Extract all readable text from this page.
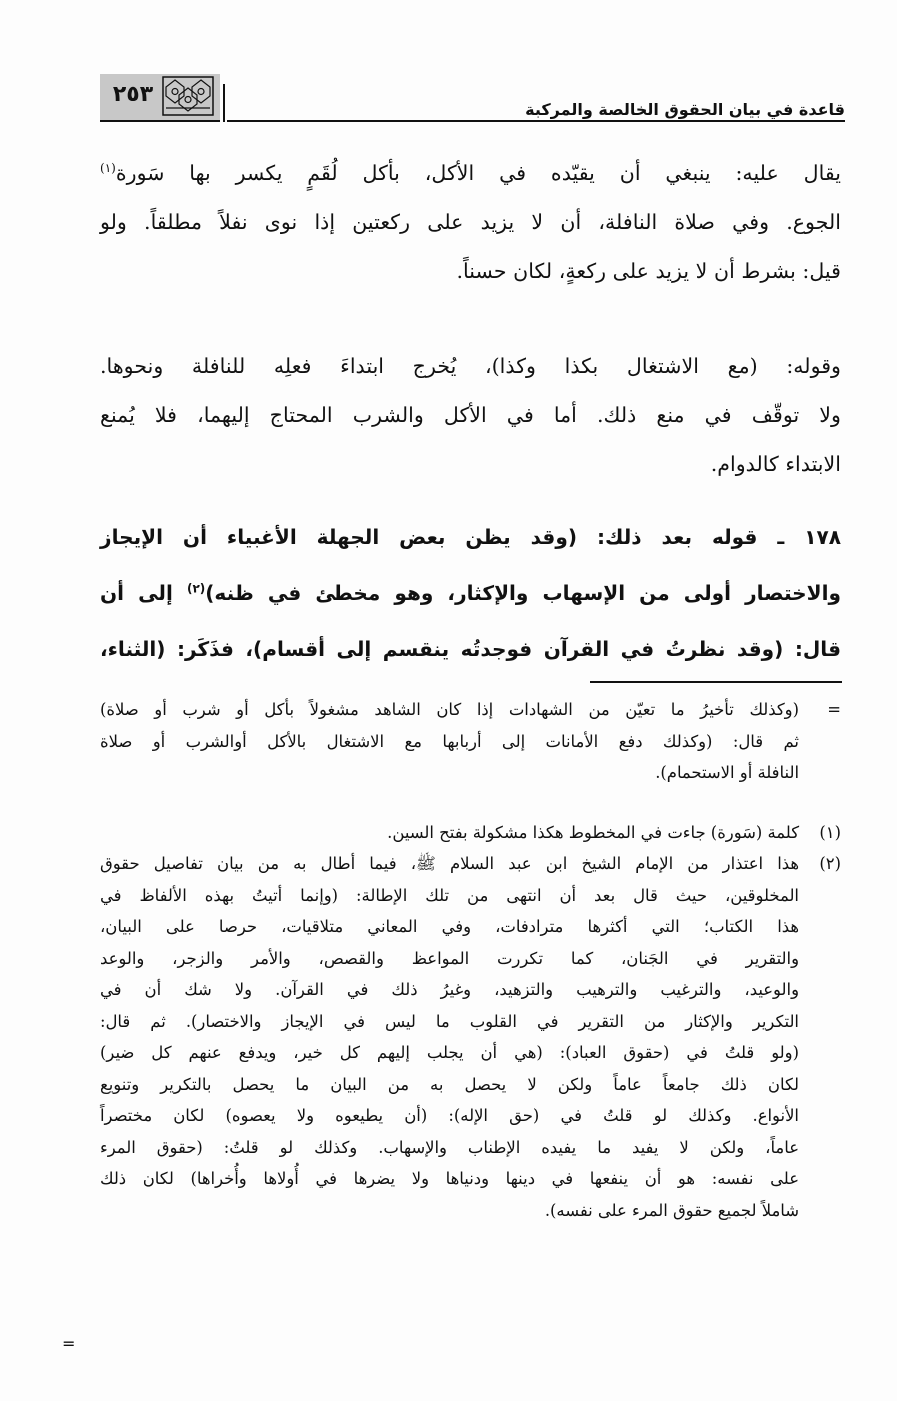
قاعدة في بيان الحقوق الخالصة والمركبة
٢٥٣
يقال عليه: ينبغي أن يقيّده في الأكل، بأكل لُقَمٍ يكسر بها سَورة$^{(١)}$
الجوع. وفي صلاة النافلة، أن لا يزيد على ركعتين إذا نوى نفلاً مطلقاً. ولو
قيل: بشرط أن لا يزيد على ركعةٍ، لكان حسناً.
وقوله: (مع الاشتغال بكذا وكذا)، يُخرج ابتداءَ فعلِه للنافلة ونحوها.
ولا توقّف في منع ذلك. أما في الأكل والشرب المحتاج إليهما، فلا يُمنع
الابتداء كالدوام.
١٧٨ ـ قوله بعد ذلك: (وقد يظن بعض الجهلة الأغبياء أن الإيجاز
والاختصار أولى من الإسهاب والإكثار، وهو مخطئ في ظنه)$^{(٢)}$ إلى أن
قال: (وقد نظرتُ في القرآن فوجدتُه ينقسم إلى أقسام)، فذَكَر: (الثناء،
=
(وكذلك تأخيرُ ما تعيّن من الشهادات إذا كان الشاهد مشغولاً بأكل أو شرب أو صلاة)
ثم قال: (وكذلك دفع الأمانات إلى أربابها مع الاشتغال بالأكل أوالشرب أو صلاة
النافلة أو الاستحمام).
(١)
كلمة (سَورة) جاءت في المخطوط هكذا مشكولة بفتح السين.
(٢)
هذا اعتذار من الإمام الشيخ ابن عبد السلام ﷺ، فيما أطال به من بيان تفاصيل حقوق
المخلوقين، حيث قال بعد أن انتهى من تلك الإطالة: (وإنما أتيتُ بهذه الألفاظ في
هذا الكتاب؛ التي أكثرها مترادفات، وفي المعاني متلاقيات، حرصا على البيان،
والتقرير في الجَنان، كما تكررت المواعظ والقصص، والأمر والزجر، والوعد
والوعيد، والترغيب والترهيب والتزهيد، وغيرُ ذلك في القرآن. ولا شك أن في
التكرير والإكثار من التقرير في القلوب ما ليس في الإيجاز والاختصار). ثم قال:
(ولو قلتُ في (حقوق العباد): (هي أن يجلب إليهم كل خير، ويدفع عنهم كل ضير)
لكان ذلك جامعاً عاماً ولكن لا يحصل به من البيان ما يحصل بالتكرير وتنويع
الأنواع. وكذلك لو قلتُ في (حق الإله): (أن يطيعوه ولا يعصوه) لكان مختصراً
عاماً، ولكن لا يفيد ما يفيده الإطناب والإسهاب. وكذلك لو قلتُ: (حقوق المرء
على نفسه: هو أن ينفعها في دينها ودنياها ولا يضرها في أُولاها وأُخراها) لكان ذلك
شاملاً لجميع حقوق المرء على نفسه).
=
